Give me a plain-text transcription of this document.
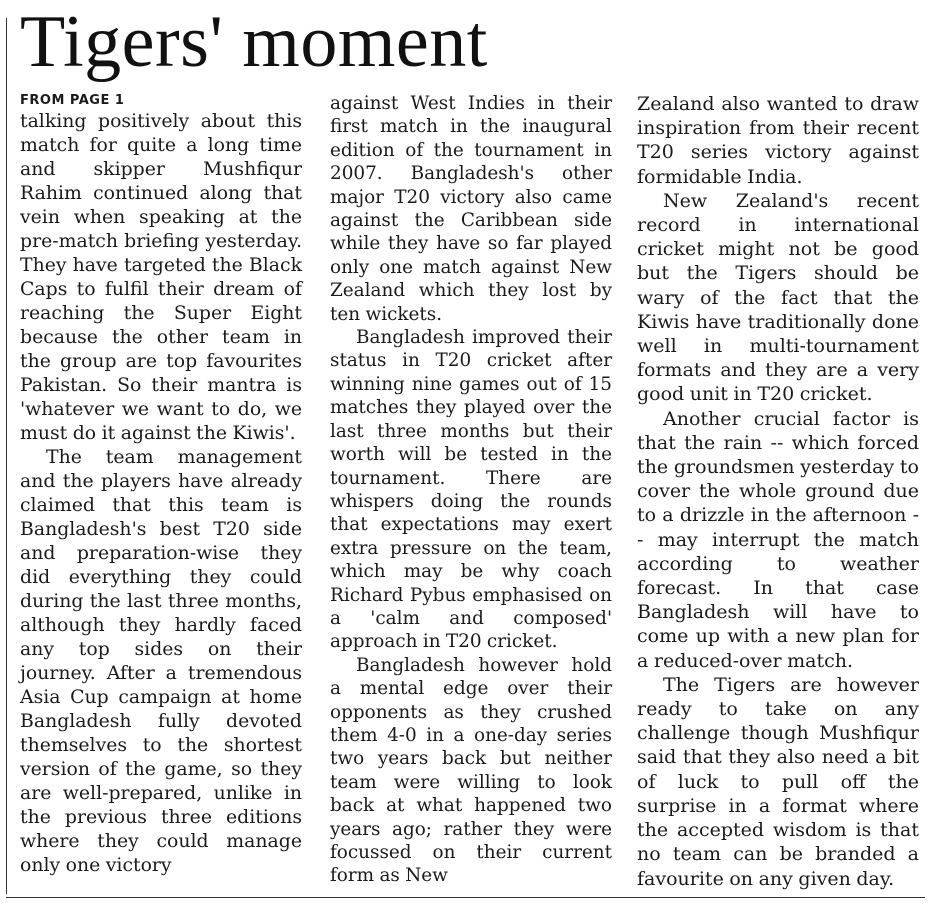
Tigers' moment
FROM PAGE 1

talking positively about this match for quite a long time and skipper Mushfiqur Rahim continued along that vein when speaking at the pre-match briefing yesterday. They have targeted the Black Caps to fulfil their dream of reaching the Super Eight because the other team in the group are top favourites Pakistan. So their mantra is 'whatever we want to do, we must do it against the Kiwis'.

The team management and the players have already claimed that this team is Bangladesh's best T20 side and preparation-wise they did everything they could during the last three months, although they hardly faced any top sides on their journey. After a tremendous Asia Cup campaign at home Bangladesh fully devoted themselves to the shortest version of the game, so they are well-prepared, unlike in the previous three editions where they could manage only one victory

against West Indies in their first match in the inaugural edition of the tournament in 2007. Bangladesh's other major T20 victory also came against the Caribbean side while they have so far played only one match against New Zealand which they lost by ten wickets.

Bangladesh improved their status in T20 cricket after winning nine games out of 15 matches they played over the last three months but their worth will be tested in the tournament. There are whispers doing the rounds that expectations may exert extra pressure on the team, which may be why coach Richard Pybus emphasised on a 'calm and composed' approach in T20 cricket.

Bangladesh however hold a mental edge over their opponents as they crushed them 4-0 in a one-day series two years back but neither team were willing to look back at what happened two years ago; rather they were focussed on their current form as New

Zealand also wanted to draw inspiration from their recent T20 series victory against formidable India.

New Zealand's recent record in international cricket might not be good but the Tigers should be wary of the fact that the Kiwis have traditionally done well in multi-tournament formats and they are a very good unit in T20 cricket.

Another crucial factor is that the rain -- which forced the groundsmen yesterday to cover the whole ground due to a drizzle in the afternoon -- may interrupt the match according to weather forecast. In that case Bangladesh will have to come up with a new plan for a reduced-over match.

The Tigers are however ready to take on any challenge though Mushfiqur said that they also need a bit of luck to pull off the surprise in a format where the accepted wisdom is that no team can be branded a favourite on any given day.
